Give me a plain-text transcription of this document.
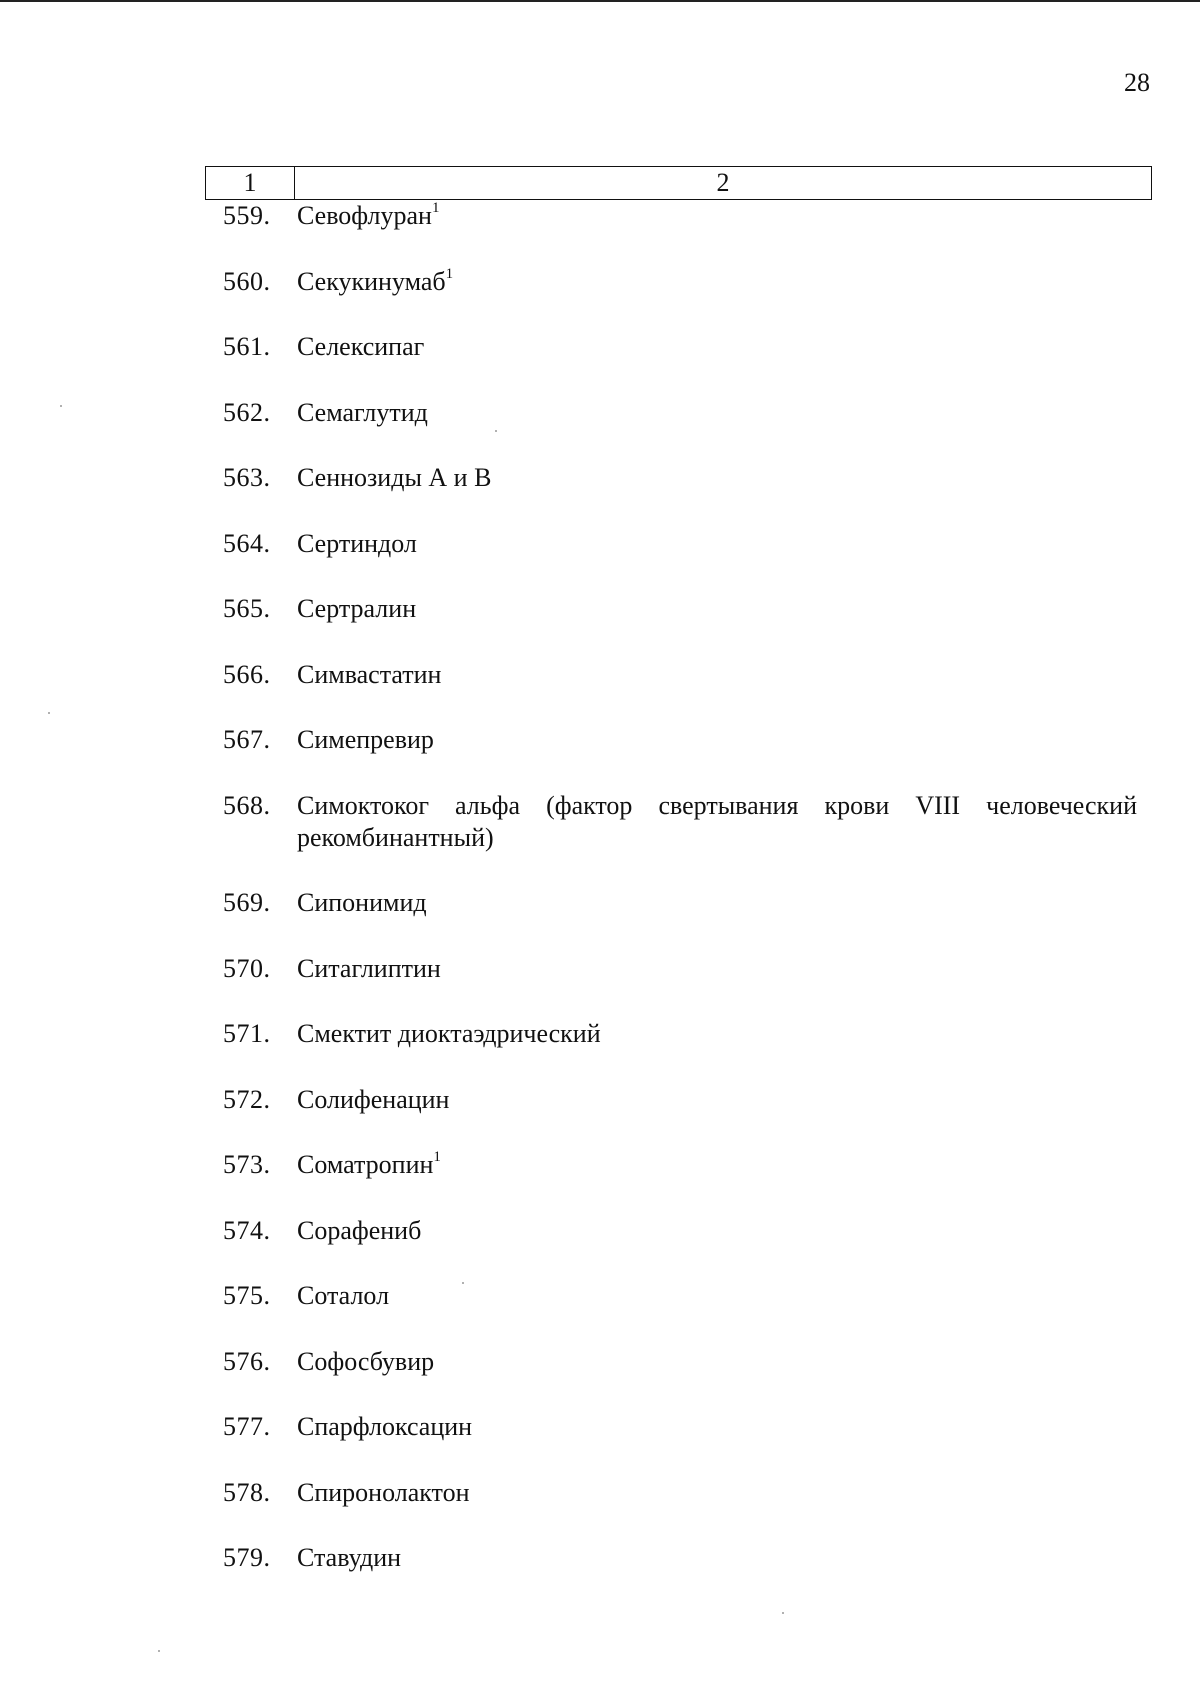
28
1	2
559.	Севофлуран$^1$
560.	Секукинумаб$^1$
561.	Селексипаг
562.	Семаглутид
563.	Сеннозиды А и В
564.	Сертиндол
565.	Сертралин
566.	Симвастатин
567.	Симепревир
568.	Симоктоког альфа (фактор свертывания крови VIII человеческий рекомбинантный)
569.	Сипонимид
570.	Ситаглиптин
571.	Смектит диоктаэдрический
572.	Солифенацин
573.	Соматропин$^1$
574.	Сорафениб
575.	Соталол
576.	Софосбувир
577.	Спарфлоксацин
578.	Спиронолактон
579.	Ставудин
